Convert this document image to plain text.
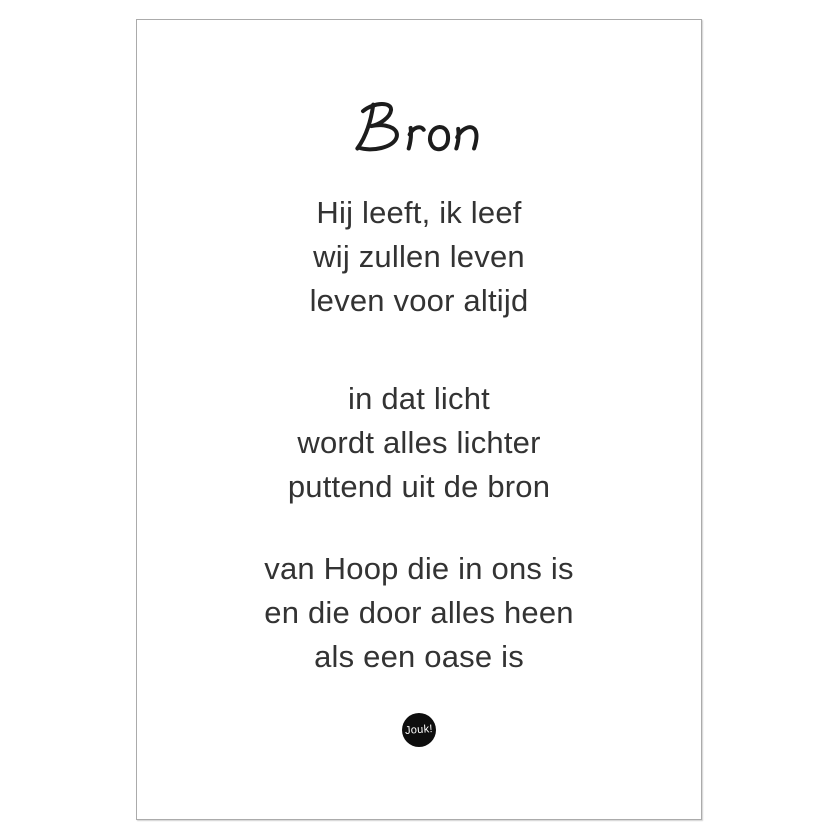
Hij leeft, ik leef
wij zullen leven
leven voor altijd
in dat licht
wordt alles lichter
puttend uit de bron
van Hoop die in ons is
en die door alles heen
als een oase is
Jouk!
